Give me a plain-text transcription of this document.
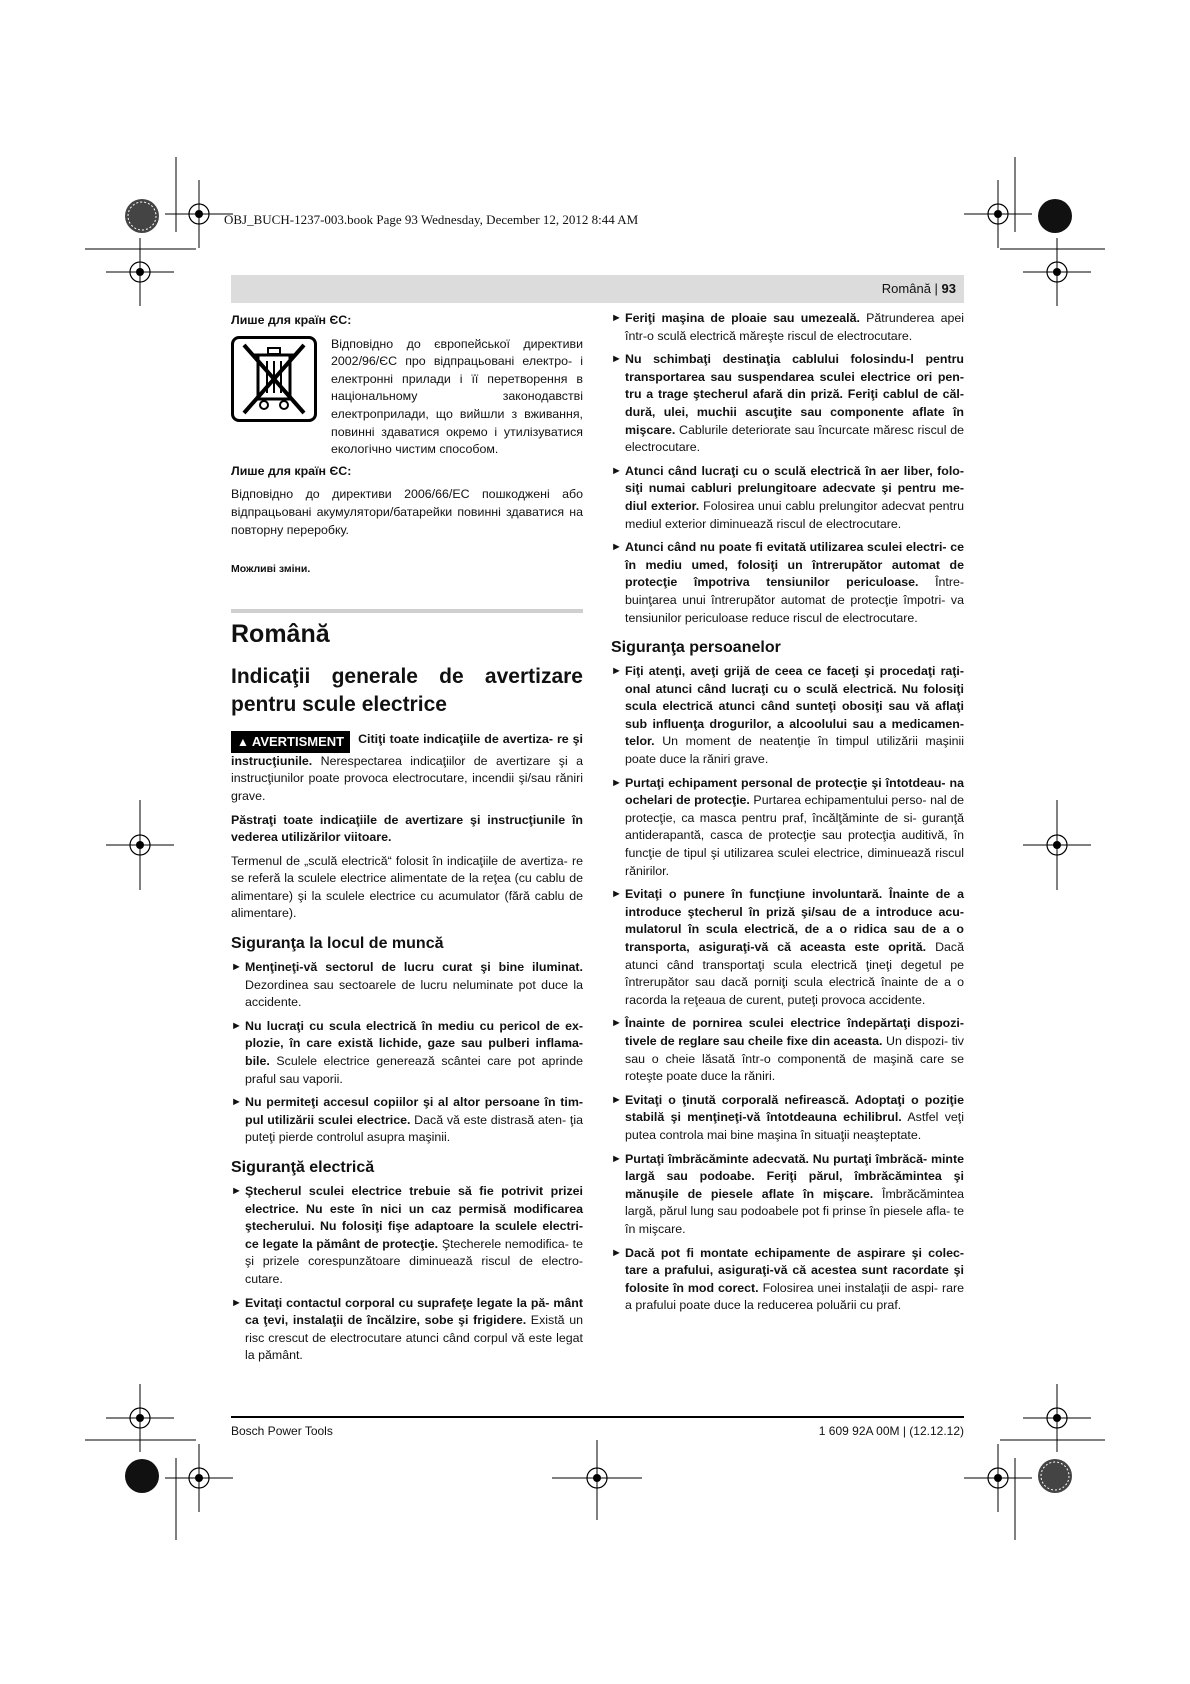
OBJ_BUCH-1237-003.book Page 93 Wednesday, December 12, 2012 8:44 AM
Română | 93

Лише для країн ЄС:

Відповідно до європейської директиви 2002/96/ЄС про відпрацьовані електро- і електронні прилади і її перетворення в національному законодавстві електроприлади, що вийшли з вживання, повинні здаватися окремо і утилізуватися екологічно чистим способом.

Лише для країн ЄС:

Відповідно до директиви 2006/66/EC пошкоджені або відпрацьовані акумулятори/батарейки повинні здаватися на повторну переробку.

Можливі зміни.

Română

Indicaţii generale de avertizare pentru scule electrice

▲ AVERTISMENT Citiţi toate indicaţiile de avertiza- re şi instrucţiunile. Nerespectarea indicaţiilor de avertizare şi a instrucţiunilor poate provoca electrocutare, incendii şi/sau răniri grave.

Păstraţi toate indicaţiile de avertizare şi instrucţiunile în vederea utilizărilor viitoare.

Termenul de „sculă electrică“ folosit în indicaţiile de avertiza- re se referă la sculele electrice alimentate de la reţea (cu cablu de alimentare) şi la sculele electrice cu acumulator (fără cablu de alimentare).

Siguranţa la locul de muncă
► Menţineţi-vă sectorul de lucru curat şi bine iluminat. Dezordinea sau sectoarele de lucru neluminate pot duce la accidente.
► Nu lucraţi cu scula electrică în mediu cu pericol de ex- plozie, în care există lichide, gaze sau pulberi inflama- bile. Sculele electrice generează scântei care pot aprinde praful sau vaporii.
► Nu permiteţi accesul copiilor şi al altor persoane în tim- pul utilizării sculei electrice. Dacă vă este distrasă aten- ţia puteţi pierde controlul asupra maşinii.
Siguranţă electrică
► Ştecherul sculei electrice trebuie să fie potrivit prizei electrice. Nu este în nici un caz permisă modificarea ştecherului. Nu folosiţi fişe adaptoare la sculele electri- ce legate la pământ de protecţie. Ştecherele nemodifica- te şi prizele corespunzătoare diminuează riscul de electro- cutare.
► Evitaţi contactul corporal cu suprafeţe legate la pă- mânt ca ţevi, instalaţii de încălzire, sobe şi frigidere. Există un risc crescut de electrocutare atunci când corpul vă este legat la pământ.
► Feriţi maşina de ploaie sau umezeală. Pătrunderea apei într-o sculă electrică măreşte riscul de electrocutare.
► Nu schimbaţi destinaţia cablului folosindu-l pentru transportarea sau suspendarea sculei electrice ori pen- tru a trage ştecherul afară din priză. Feriţi cablul de căl- dură, ulei, muchii ascuţite sau componente aflate în mişcare. Cablurile deteriorate sau încurcate măresc riscul de electrocutare.
► Atunci când lucraţi cu o sculă electrică în aer liber, folo- siţi numai cabluri prelungitoare adecvate şi pentru me- diul exterior. Folosirea unui cablu prelungitor adecvat pentru mediul exterior diminuează riscul de electrocutare.
► Atunci când nu poate fi evitată utilizarea sculei electri- ce în mediu umed, folosiţi un întrerupător automat de protecţie împotriva tensiunilor periculoase. Între- buinţarea unui întrerupător automat de protecţie împotri- va tensiunilor periculoase reduce riscul de electrocutare.
Siguranţa persoanelor
► Fiţi atenţi, aveţi grijă de ceea ce faceţi şi procedaţi raţi- onal atunci când lucraţi cu o sculă electrică. Nu folosiţi scula electrică atunci când sunteţi obosiţi sau vă aflaţi sub influenţa drogurilor, a alcoolului sau a medicamen- telor. Un moment de neatenţie în timpul utilizării maşinii poate duce la răniri grave.
► Purtaţi echipament personal de protecţie şi întotdeau- na ochelari de protecţie. Purtarea echipamentului perso- nal de protecţie, ca masca pentru praf, încălţăminte de si- guranţă antiderapantă, casca de protecţie sau protecţia auditivă, în funcţie de tipul şi utilizarea sculei electrice, diminuează riscul rănirilor.
► Evitaţi o punere în funcţiune involuntară. Înainte de a introduce ştecherul în priză şi/sau de a introduce acu- mulatorul în scula electrică, de a o ridica sau de a o transporta, asiguraţi-vă că aceasta este oprită. Dacă atunci când transportaţi scula electrică ţineţi degetul pe întrerupător sau dacă porniţi scula electrică înainte de a o racorda la reţeaua de curent, puteţi provoca accidente.
► Înainte de pornirea sculei electrice îndepărtaţi dispozi- tivele de reglare sau cheile fixe din aceasta. Un dispozi- tiv sau o cheie lăsată într-o componentă de maşină care se roteşte poate duce la răniri.
► Evitaţi o ţinută corporală nefirească. Adoptaţi o poziţie stabilă şi menţineţi-vă întotdeauna echilibrul. Astfel veţi putea controla mai bine maşina în situaţii neaşteptate.
► Purtaţi îmbrăcăminte adecvată. Nu purtaţi îmbrăcă- minte largă sau podoabe. Feriţi părul, îmbrăcămintea şi mănuşile de piesele aflate în mişcare. Îmbrăcămintea largă, părul lung sau podoabele pot fi prinse în piesele afla- te în mişcare.
► Dacă pot fi montate echipamente de aspirare şi colec- tare a prafului, asiguraţi-vă că acestea sunt racordate şi folosite în mod corect. Folosirea unei instalaţii de aspi- rare a prafului poate duce la reducerea poluării cu praf.
Bosch Power Tools	1 609 92A 00M | (12.12.12)
